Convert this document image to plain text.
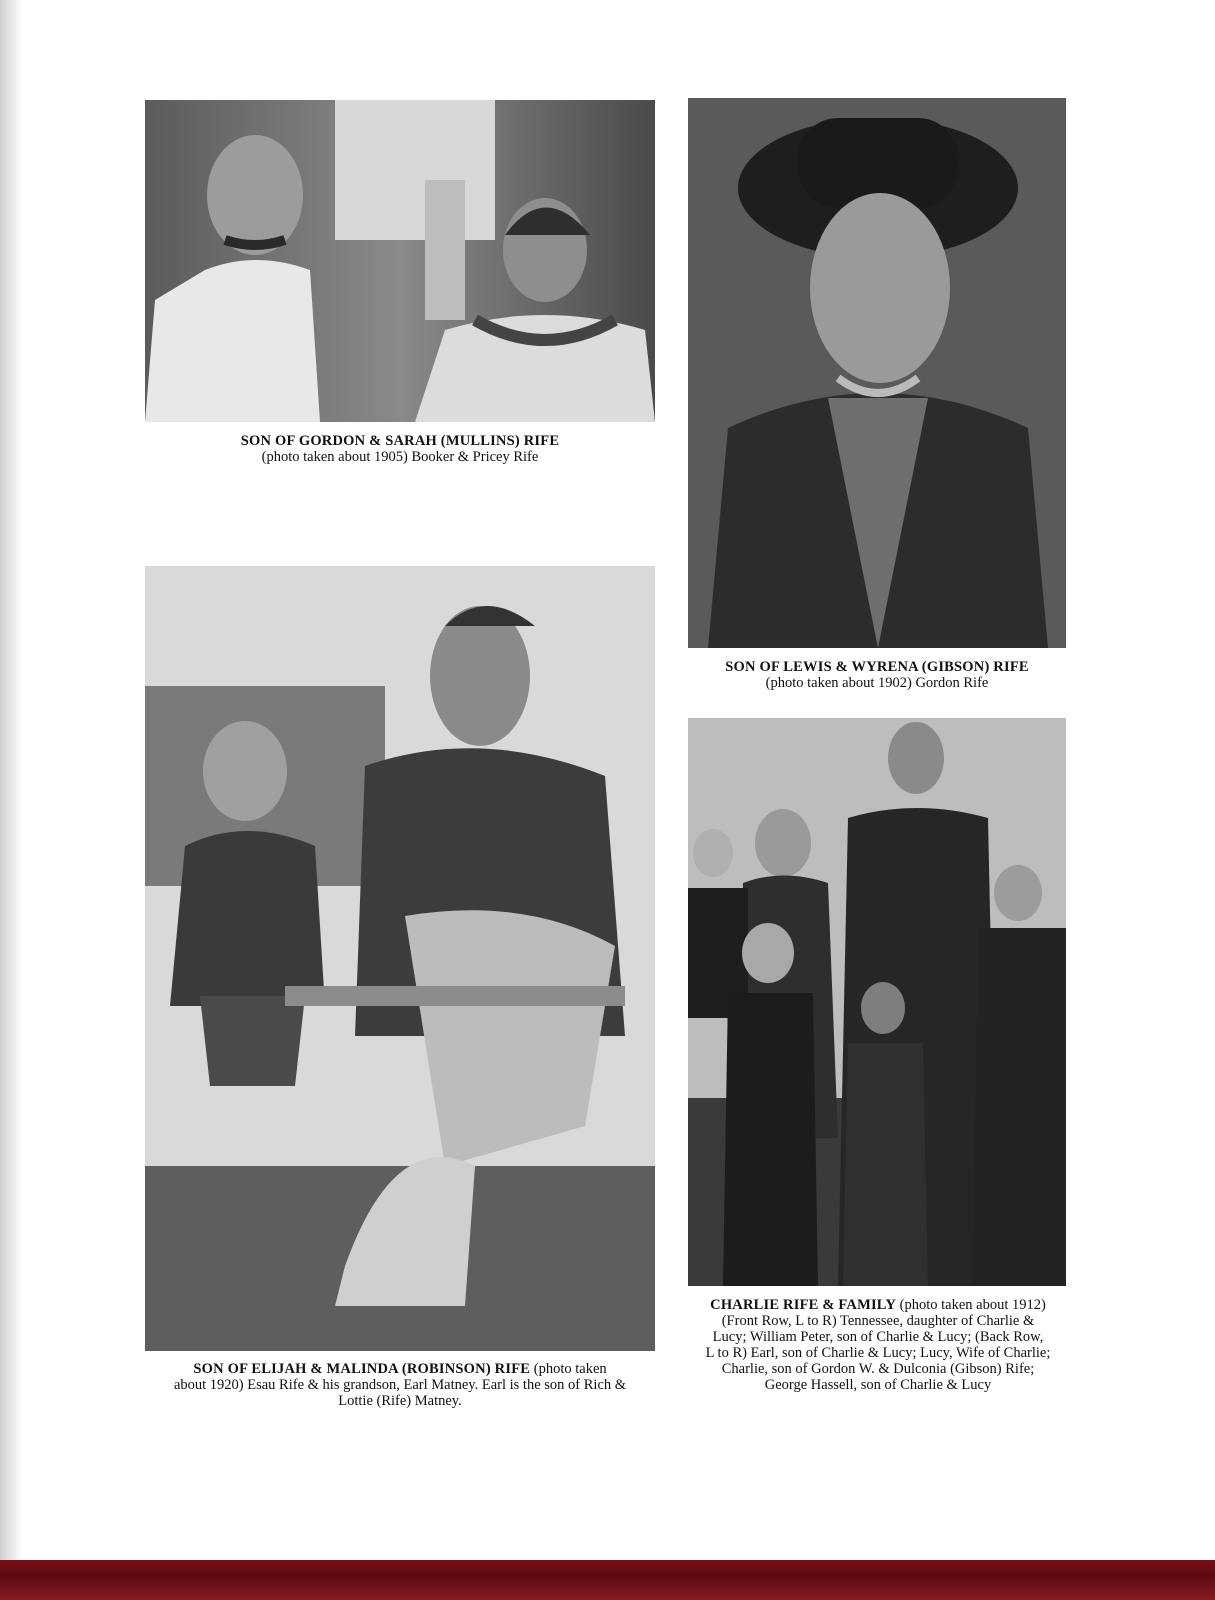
SON OF GORDON & SARAH (MULLINS) RIFE
(photo taken about 1905) Booker & Pricey Rife
SON OF LEWIS & WYRENA (GIBSON) RIFE
(photo taken about 1902) Gordon Rife
SON OF ELIJAH & MALINDA (ROBINSON) RIFE (photo taken
about 1920) Esau Rife & his grandson, Earl Matney. Earl is the son of Rich &
Lottie (Rife) Matney.
CHARLIE RIFE & FAMILY (photo taken about 1912)
(Front Row, L to R) Tennessee, daughter of Charlie &
Lucy; William Peter, son of Charlie & Lucy; (Back Row,
L to R) Earl, son of Charlie & Lucy; Lucy, Wife of Charlie;
Charlie, son of Gordon W. & Dulconia (Gibson) Rife;
George Hassell, son of Charlie & Lucy
